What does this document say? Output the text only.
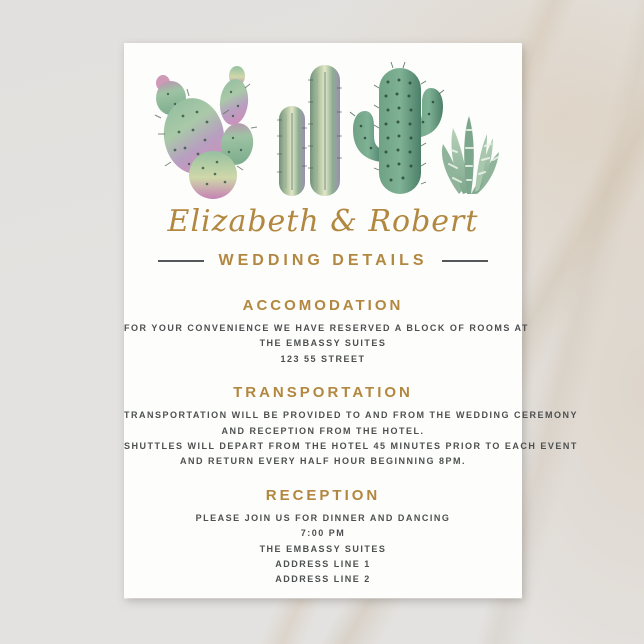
Elizabeth & Robert
WEDDING DETAILS
ACCOMODATION
FOR YOUR CONVENIENCE WE HAVE RESERVED A BLOCK OF ROOMS AT
THE EMBASSY SUITES
123 55 STREET
TRANSPORTATION
TRANSPORTATION WILL BE PROVIDED TO AND FROM THE WEDDING CEREMONY
AND RECEPTION FROM THE HOTEL.
SHUTTLES WILL DEPART FROM THE HOTEL 45 MINUTES PRIOR TO EACH EVENT
AND RETURN EVERY HALF HOUR BEGINNING 8PM.
RECEPTION
PLEASE JOIN US FOR DINNER AND DANCING
7:00 PM
THE EMBASSY SUITES
ADDRESS LINE 1
ADDRESS LINE 2
